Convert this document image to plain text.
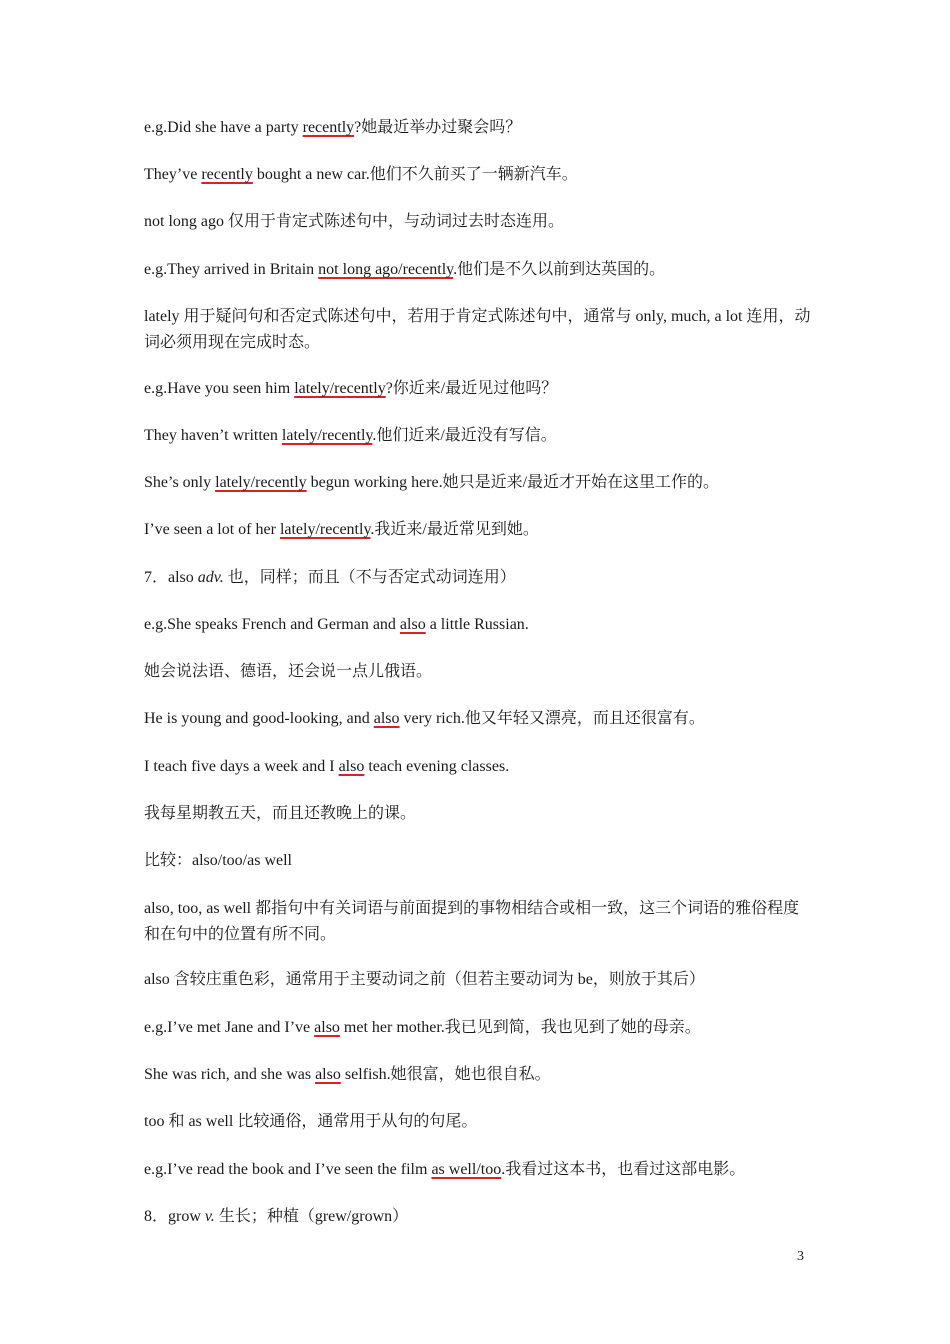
e.g.Did she have a party recently?她最近举办过聚会吗？

They’ve recently bought a new car.他们不久前买了一辆新汽车。

not long ago 仅用于肯定式陈述句中，与动词过去时态连用。

e.g.They arrived in Britain not long ago/recently.他们是不久以前到达英国的。

lately 用于疑问句和否定式陈述句中，若用于肯定式陈述句中，通常与 only, much, a lot 连用，动词必须用现在完成时态。

e.g.Have you seen him lately/recently?你近来/最近见过他吗？

They haven’t written lately/recently.他们近来/最近没有写信。

She’s only lately/recently begun working here.她只是近来/最近才开始在这里工作的。

I’ve seen a lot of her lately/recently.我近来/最近常见到她。

7．also adv. 也，同样；而且（不与否定式动词连用）

e.g.She speaks French and German and also a little Russian.

她会说法语、德语，还会说一点儿俄语。

He is young and good-looking, and also very rich.他又年轻又漂亮，而且还很富有。

I teach five days a week and I also teach evening classes.

我每星期教五天，而且还教晚上的课。

比较：also/too/as well

also, too, as well 都指句中有关词语与前面提到的事物相结合或相一致，这三个词语的雅俗程度和在句中的位置有所不同。

also 含较庄重色彩，通常用于主要动词之前（但若主要动词为 be，则放于其后）

e.g.I’ve met Jane and I’ve also met her mother.我已见到简，我也见到了她的母亲。

She was rich, and she was also selfish.她很富，她也很自私。

too 和 as well 比较通俗，通常用于从句的句尾。

e.g.I’ve read the book and I’ve seen the film as well/too.我看过这本书，也看过这部电影。

8．grow v. 生长；种植（grew/grown）

3
